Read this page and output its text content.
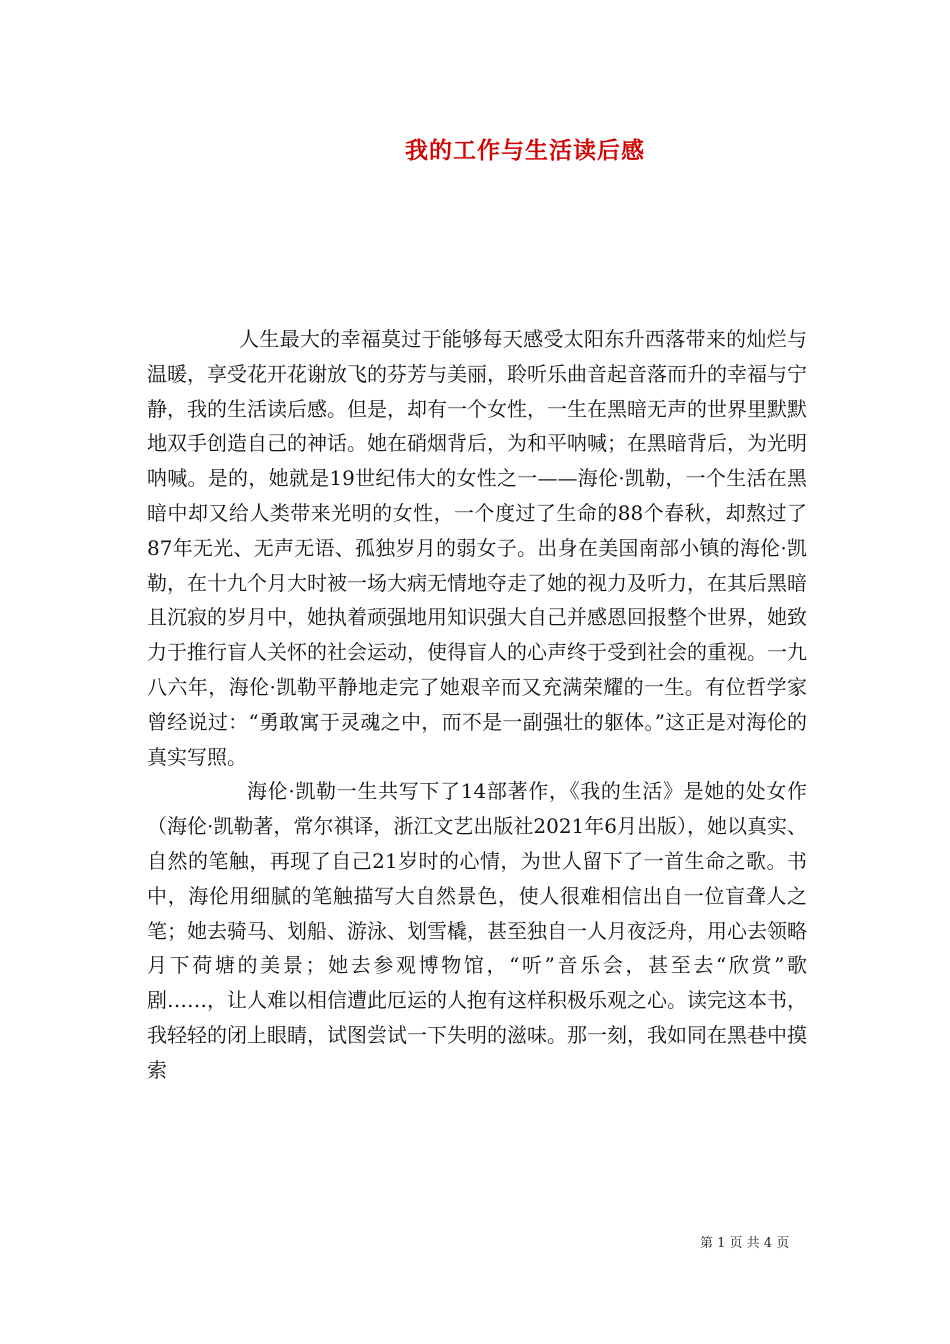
我的工作与生活读后感

人生最大的幸福莫过于能够每天感受太阳东升西落带来的灿烂与温暖，享受花开花谢放飞的芬芳与美丽，聆听乐曲音起音落而升的幸福与宁静，我的生活读后感。但是，却有一个女性，一生在黑暗无声的世界里默默地双手创造自己的神话。她在硝烟背后，为和平呐喊；在黑暗背后，为光明呐喊。是的，她就是19世纪伟大的女性之一——海伦·凯勒，一个生活在黑暗中却又给人类带来光明的女性，一个度过了生命的88个春秋，却熬过了87年无光、无声无语、孤独岁月的弱女子。出身在美国南部小镇的海伦·凯勒，在十九个月大时被一场大病无情地夺走了她的视力及听力，在其后黑暗且沉寂的岁月中，她执着顽强地用知识强大自己并感恩回报整个世界，她致力于推行盲人关怀的社会运动，使得盲人的心声终于受到社会的重视。一九八六年，海伦·凯勒平静地走完了她艰辛而又充满荣耀的一生。有位哲学家曾经说过：“勇敢寓于灵魂之中，而不是一副强壮的躯体。”这正是对海伦的真实写照。

海伦·凯勒一生共写下了14部著作，《我的生活》是她的处女作（海伦·凯勒著，常尔祺译，浙江文艺出版社2021年6月出版），她以真实、自然的笔触，再现了自己21岁时的心情，为世人留下了一首生命之歌。书中，海伦用细腻的笔触描写大自然景色，使人很难相信出自一位盲聋人之笔；她去骑马、划船、游泳、划雪橇，甚至独自一人月夜泛舟，用心去领略月下荷塘的美景；她去参观博物馆，“听”音乐会，甚至去“欣赏”歌剧……，让人难以相信遭此厄运的人抱有这样积极乐观之心。读完这本书，我轻轻的闭上眼睛，试图尝试一下失明的滋味。那一刻，我如同在黑巷中摸索

第 1 页 共 4 页
